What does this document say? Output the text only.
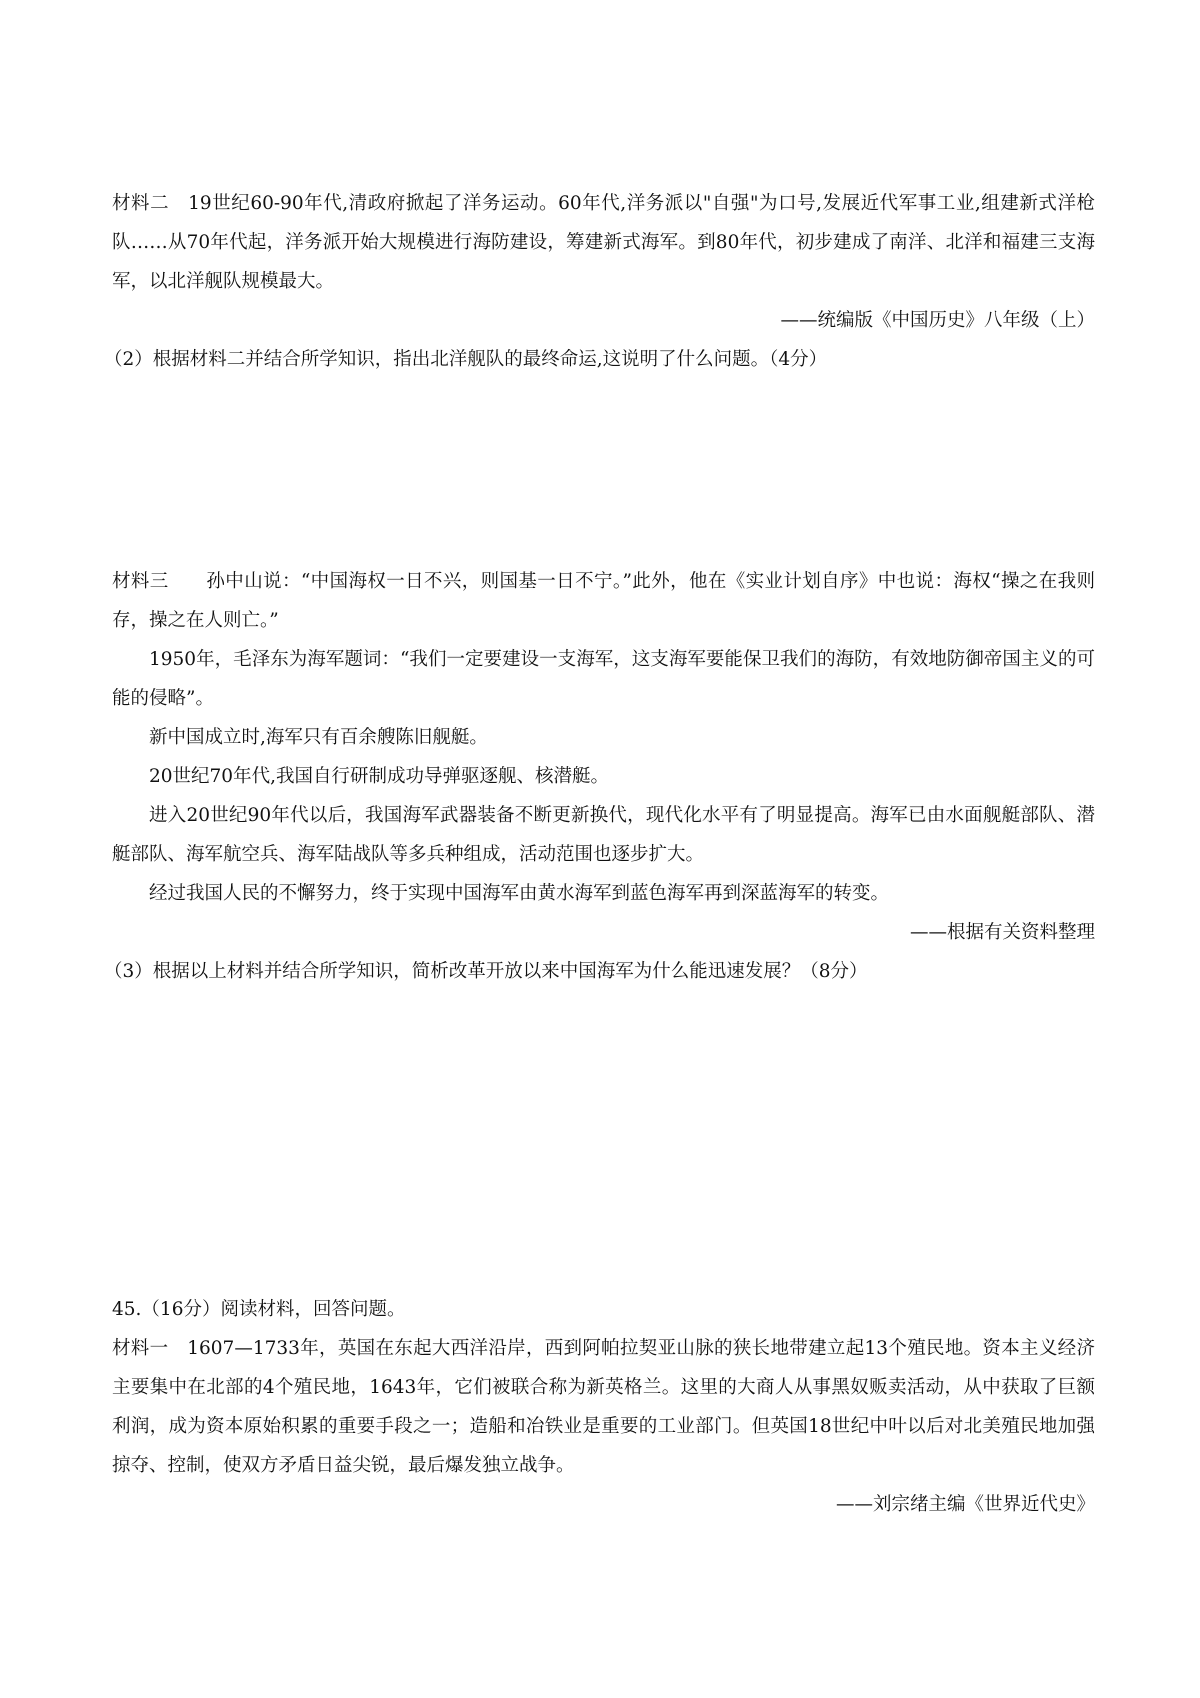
材料二　19世纪60-90年代,清政府掀起了洋务运动。60年代,洋务派以"自强"为口号,发展近代军事工业,组建新式洋枪队……从70年代起，洋务派开始大规模进行海防建设，筹建新式海军。到80年代，初步建成了南洋、北洋和福建三支海军，以北洋舰队规模最大。

——统编版《中国历史》八年级（上）

（2）根据材料二并结合所学知识，指出北洋舰队的最终命运,这说明了什么问题。（4分）

材料三　　孙中山说：“中国海权一日不兴，则国基一日不宁。”此外，他在《实业计划自序》中也说：海权“操之在我则存，操之在人则亡。”

1950年，毛泽东为海军题词：“我们一定要建设一支海军，这支海军要能保卫我们的海防，有效地防御帝国主义的可能的侵略”。

新中国成立时,海军只有百余艘陈旧舰艇。

20世纪70年代,我国自行研制成功导弹驱逐舰、核潜艇。

进入20世纪90年代以后，我国海军武器装备不断更新换代，现代化水平有了明显提高。海军已由水面舰艇部队、潜艇部队、海军航空兵、海军陆战队等多兵种组成，活动范围也逐步扩大。

经过我国人民的不懈努力，终于实现中国海军由黄水海军到蓝色海军再到深蓝海军的转变。

——根据有关资料整理

（3）根据以上材料并结合所学知识，简析改革开放以来中国海军为什么能迅速发展？（8分）

45.（16分）阅读材料，回答问题。

材料一　1607—1733年，英国在东起大西洋沿岸，西到阿帕拉契亚山脉的狭长地带建立起13个殖民地。资本主义经济主要集中在北部的4个殖民地，1643年，它们被联合称为新英格兰。这里的大商人从事黑奴贩卖活动，从中获取了巨额利润，成为资本原始积累的重要手段之一；造船和冶铁业是重要的工业部门。但英国18世纪中叶以后对北美殖民地加强掠夺、控制，使双方矛盾日益尖锐，最后爆发独立战争。

——刘宗绪主编《世界近代史》
